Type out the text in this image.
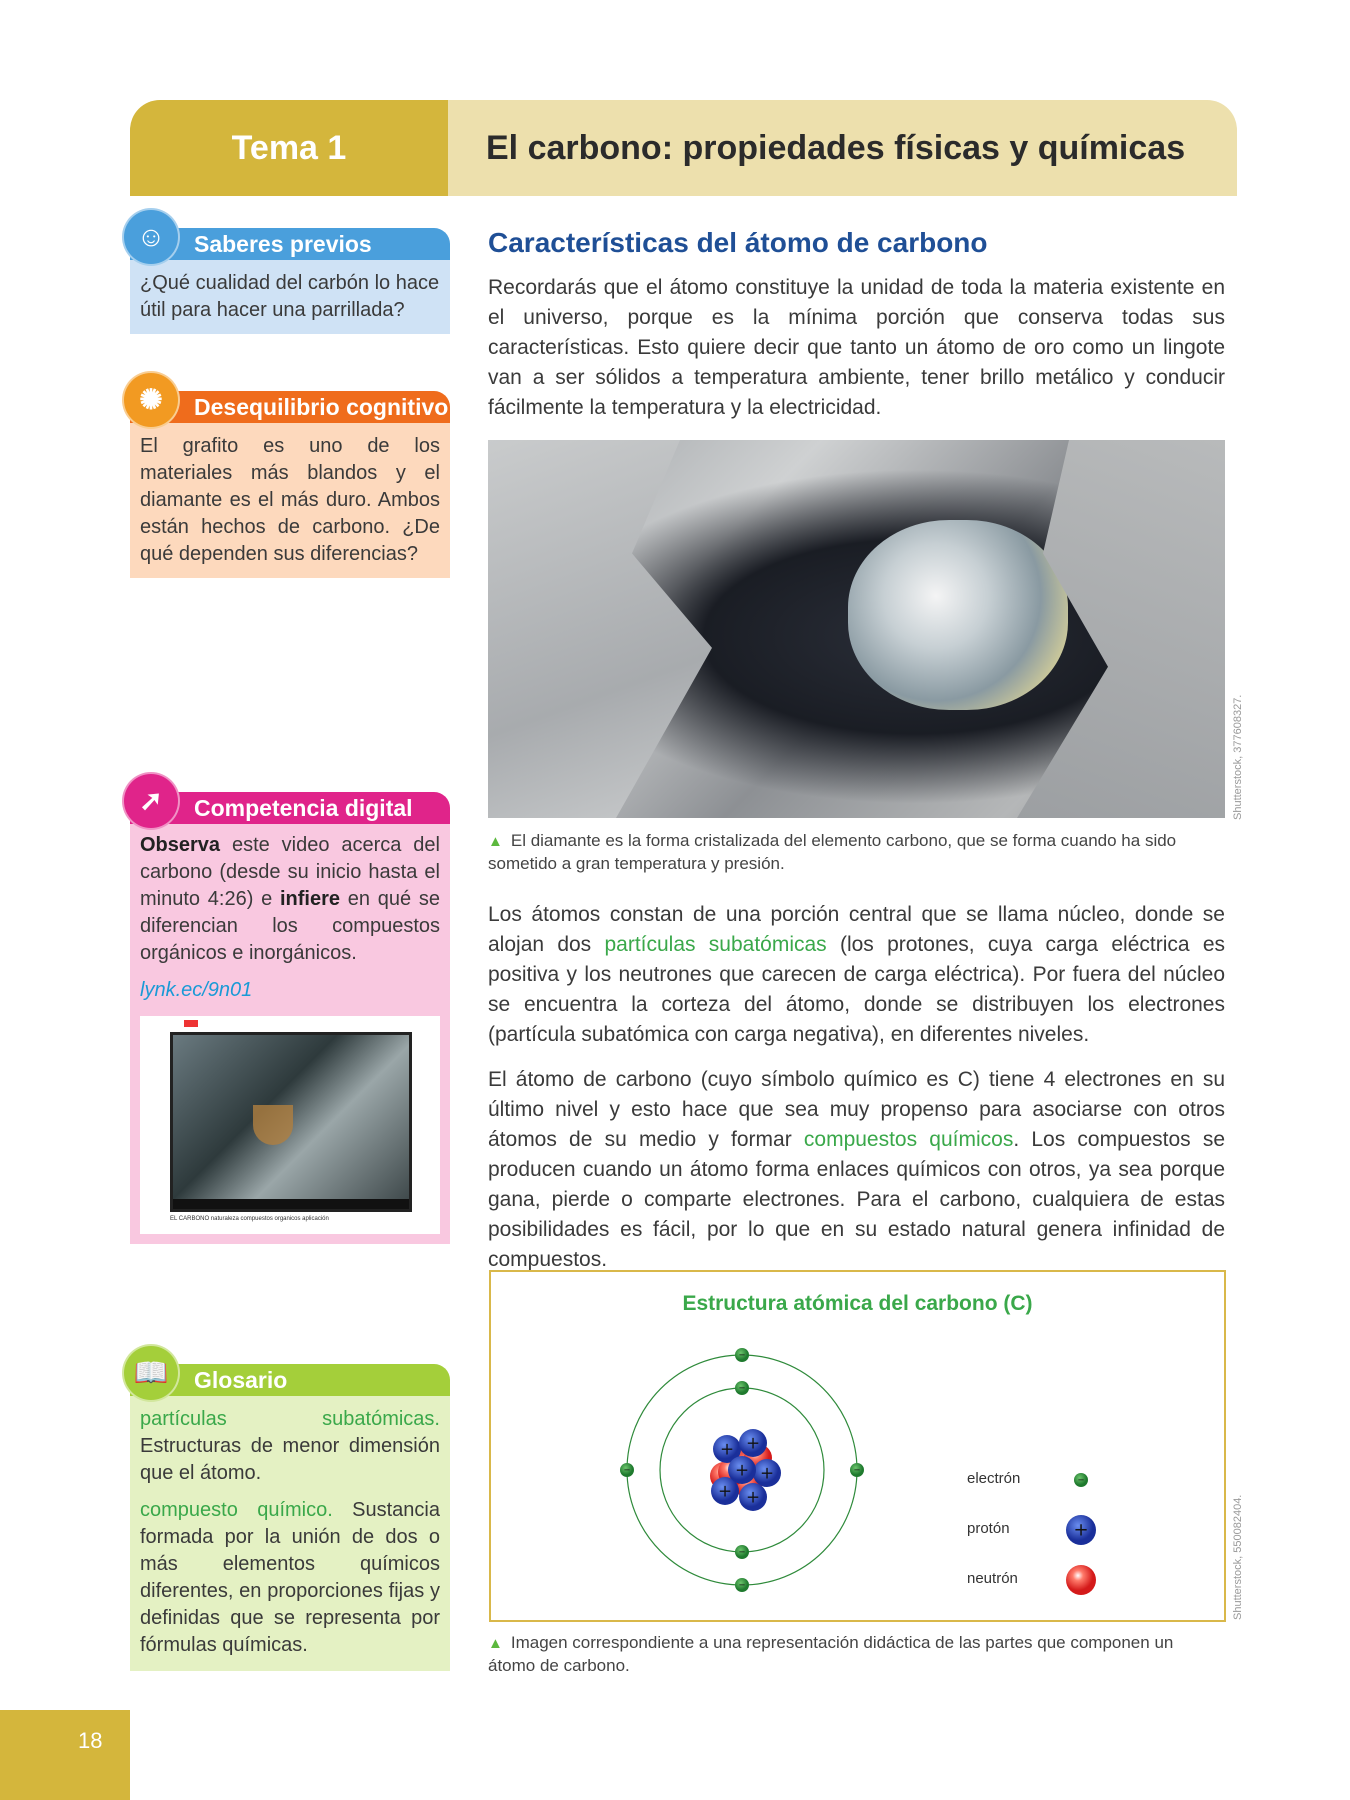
Tema 1	El carbono: propiedades físicas y químicas
☺	Saberes previos
¿Qué cualidad del carbón lo hace útil para hacer una parrillada?
✺	Desequilibrio cognitivo
El grafito es uno de los materiales más blandos y el diamante es el más duro. Ambos están hechos de carbono. ¿De qué dependen sus diferencias?
➚	Competencia digital

Observa este video acerca del carbono (desde su inicio hasta el minuto 4:26) e infiere en qué se diferencian los compuestos orgánicos e inorgánicos.

lynk.ec/9n01
EL CARBONO naturaleza compuestos organicos aplicación
📖	Glosario

partículas subatómicas. Estructuras de menor dimensión que el átomo.

compuesto químico. Sustancia formada por la unión de dos o más elementos químicos diferentes, en proporciones fijas y definidas que se representa por fórmulas químicas.

Características del átomo de carbono

Recordarás que el átomo constituye la unidad de toda la materia existente en el universo, porque es la mínima porción que conserva todas sus características. Esto quiere decir que tanto un átomo de oro como un lingote van a ser sólidos a temperatura ambiente, tener brillo metálico y conducir fácilmente la temperatura y la electricidad.

Shutterstock, 377608327.

▲ El diamante es la forma cristalizada del elemento carbono, que se forma cuando ha sido sometido a gran temperatura y presión.

Los átomos constan de una porción central que se llama núcleo, donde se alojan dos partículas subatómicas (los protones, cuya carga eléctrica es positiva y los neutrones que carecen de carga eléctrica). Por fuera del núcleo se encuentra la corteza del átomo, donde se distribuyen los electrones (partícula subatómica con carga negativa), en diferentes niveles.

El átomo de carbono (cuyo símbolo químico es C) tiene 4 electrones en su último nivel y esto hace que sea muy propenso para asociarse con otros átomos de su medio y formar compuestos químicos. Los compuestos se producen cuando un átomo forma enlaces químicos con otros, ya sea porque gana, pierde o comparte electrones. Para el carbono, cualquiera de estas posibilidades es fácil, por lo que en su estado natural genera infinidad de compuestos.

Estructura atómica del carbono (C)
+ +
+
+
+
+
−
−
−	−
−
−
−
+
electrón
protón
neutrón	Shutterstock, 550082404.

▲ Imagen correspondiente a una representación didáctica de las partes que componen un átomo de carbono.

18
